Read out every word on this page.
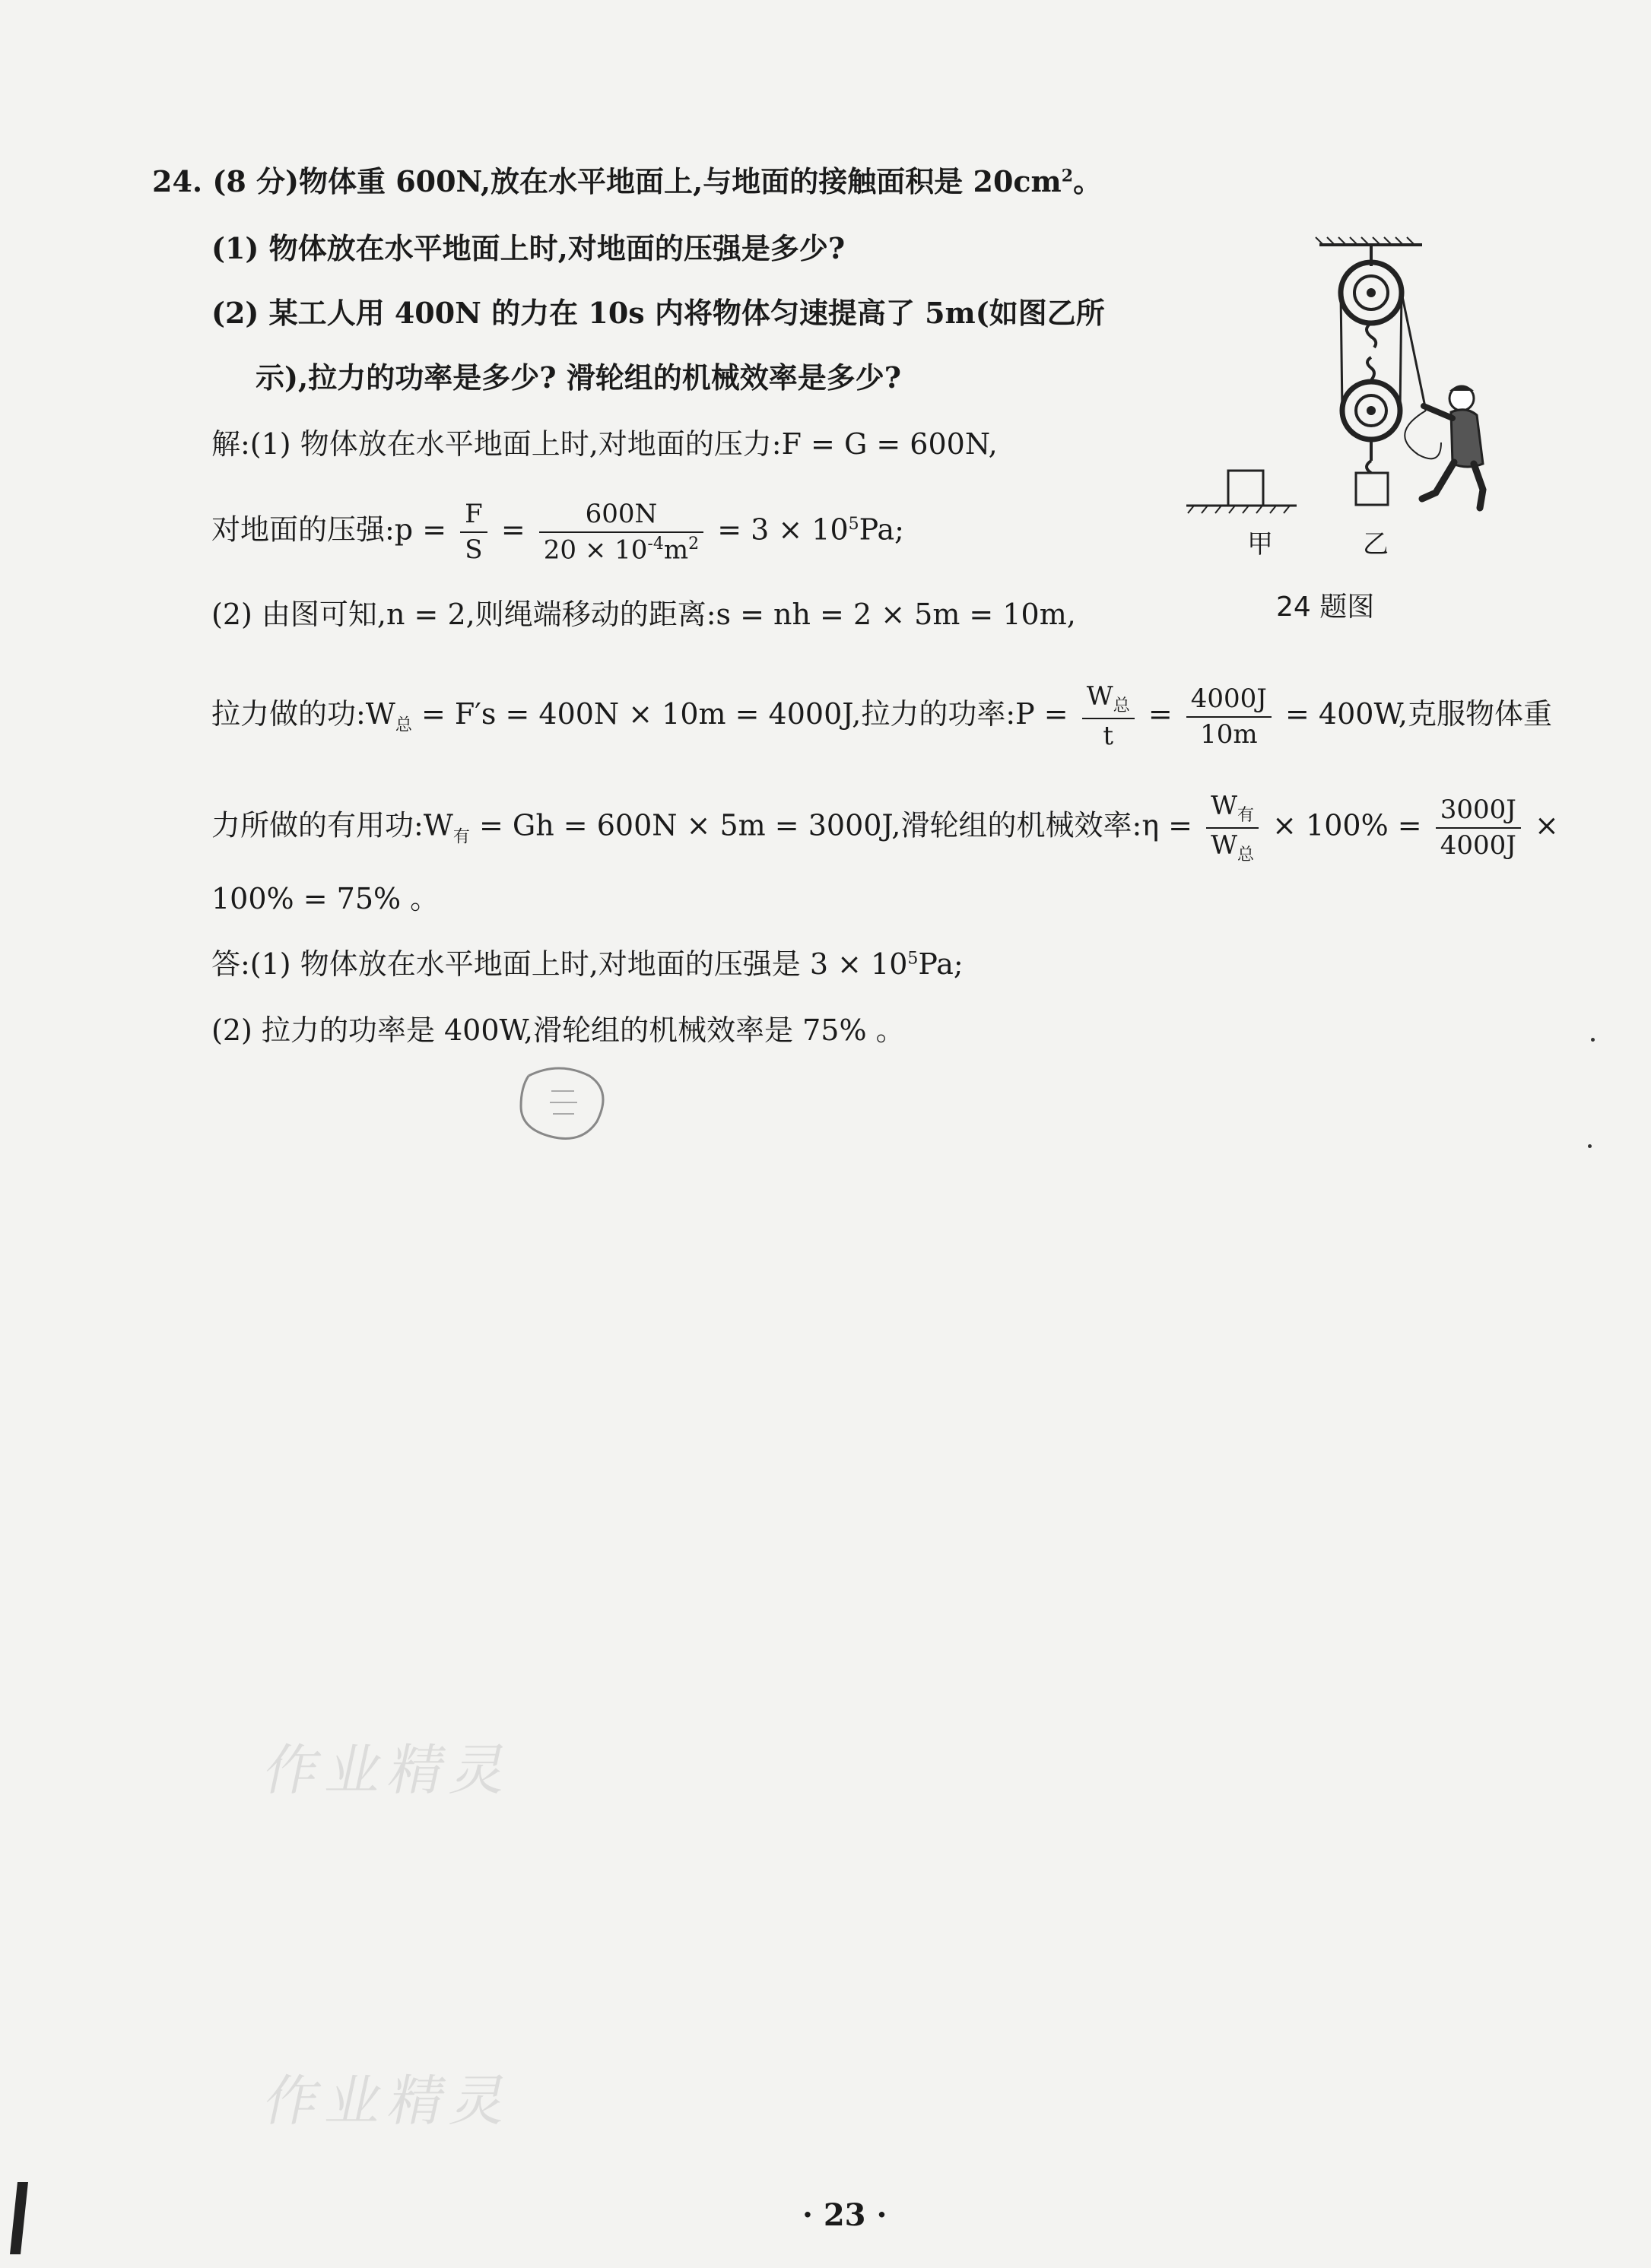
24. (8 分)物体重 600N,放在水平地面上,与地面的接触面积是 $20cm^2$。
(1) 物体放在水平地面上时,对地面的压强是多少?
(2) 某工人用 400N 的力在 10s 内将物体匀速提高了 5m(如图乙所
示),拉力的功率是多少? 滑轮组的机械效率是多少?
解:(1) 物体放在水平地面上时,对地面的压力:F = G = 600N,
对地面的压强:p = $\frac{F}{S} = \frac{600N}{20 \times 10^{-4}m^2} = 3 \times 10^5Pa$;
(2) 由图可知,n = 2,则绳端移动的距离:s = nh = 2 × 5m = 10m,
拉力做的功$:W_总 = F's = 400N \times 10m = 4000J$,拉力的功率:P = $\frac{W_总}{t} = \frac{4000J}{10m} = 400W$,克服物体重
力所做的有用功$:W_有 = Gh = 600N \times 5m = 3000J$,滑轮组的机械效率:η = $\frac{W_有}{W_总} \times 100\% = \frac{3000J}{4000J}$ ×
100% = 75% 。
答:(1) 物体放在水平地面上时,对地面的压强是 $3 \times 10^5Pa$;
(2) 拉力的功率是 400W,滑轮组的机械效率是 75% 。
甲	乙
24 题图
作业精灵
作业精灵
· 23 ·
